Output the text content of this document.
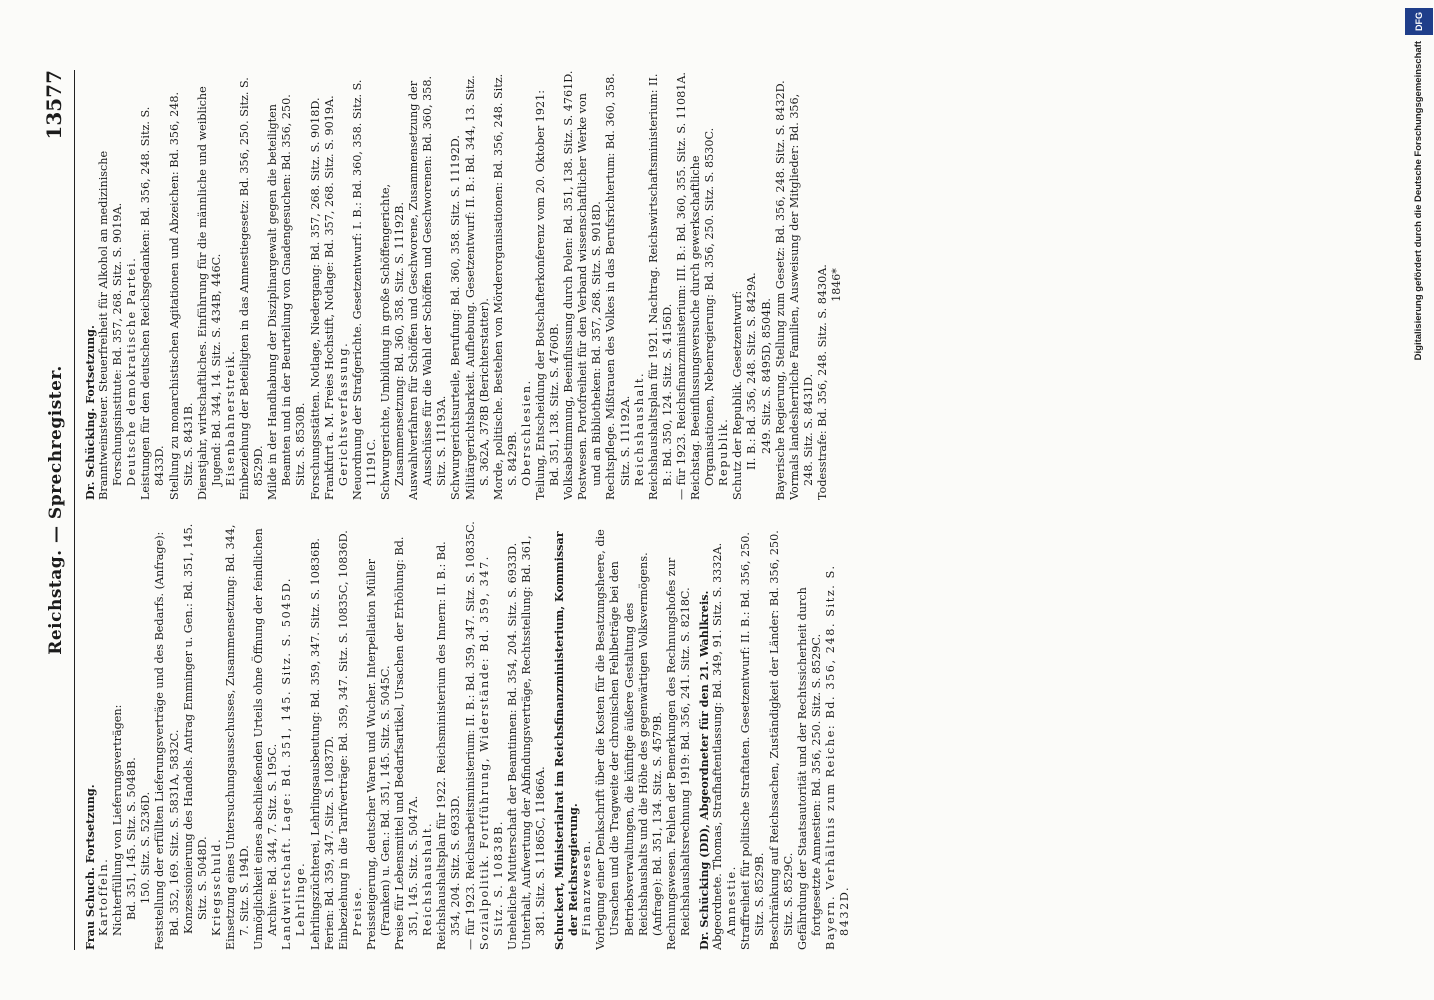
Reichstag. — Sprechregister.
13577

Frau Schuch. Fortsetzung. Kartoffeln. Nichterfüllung von Lieferungsverträgen: Bd. 351, 145. Sitz. S. 5048B. 150. Sitz. S. 5236D. Feststellung der erfüllten Lieferungsverträge und des Bedarfs. (Anfrage): Bd. 352, 169. Sitz. S. 5831A, 5832C. Konzessionierung des Handels. Antrag Emminger u. Gen.: Bd. 351, 145. Sitz. S. 5048D. Kriegsschuld. Einsetzung eines Untersuchungsausschusses, Zusammensetzung: Bd. 344, 7. Sitz. S. 194D. Unmöglichkeit eines abschließenden Urteils ohne Öffnung der feindlichen Archive: Bd. 344, 7. Sitz. S. 195C. Landwirtschaft. Lage: Bd. 351, 145. Sitz. S. 5045D. Lehrlinge. Lehrlingszüchterei, Lehrlingsausbeutung: Bd. 359, 347. Sitz. S. 10836B. Ferien: Bd. 359, 347. Sitz. S. 10837D. Einbeziehung in die Tarifverträge: Bd. 359, 347. Sitz. S. 10835C, 10836D. Preise. Preissteigerung, deutscher Waren und Wucher. Interpellation Müller (Franken) u. Gen.: Bd. 351, 145. Sitz. S. 5045C. Preise für Lebensmittel und Bedarfsartikel, Ursachen der Erhöhung: Bd. 351, 145. Sitz. S. 5047A. Reichshaushalt. Reichshaushaltsplan für 1922. Reichsministerium des Innern: II. B.: Bd. 354, 204. Sitz. S. 6933D. — für 1923. Reichsarbeitsministerium: II. B.: Bd. 359, 347. Sitz. S. 10835C. Sozialpolitik. Fortführung, Widerstände: Bd. 359, 347. Sitz. S. 10838B. Uneheliche Mutterschaft der Beamtinnen: Bd. 354, 204. Sitz. S. 6933D. Unterhalt, Aufwertung der Abfindungsverträge, Rechtsstellung: Bd. 361, 381. Sitz. S. 11865C, 11866A. Schuckert, Ministerialrat im Reichsfinanzministerium, Kommissar der Reichsregierung. Finanzwesen. Vorlegung einer Denkschrift über die Kosten für die Besatzungsheere, die Ursachen und die Tragweite der chronischen Fehlbeträge bei den Betriebsverwaltungen, die künftige äußere Gestaltung des Reichshaushalts und die Höhe des gegenwärtigen Volksvermögens. (Anfrage): Bd. 351, 134. Sitz. S. 4579B. Rechnungswesen. Fehlen der Bemerkungen des Rechnungshofes zur Reichshaushaltsrechnung 1919: Bd. 356, 241. Sitz. S. 8218C. Dr. Schücking (DD), Abgeordneter für den 21. Wahlkreis. Abgeordnete. Thomas, Strafhaftentlassung: Bd. 349, 91. Sitz. S. 3332A. Amnestie. Straffreiheit für politische Straftaten. Gesetzentwurf: II. B.: Bd. 356, 250. Sitz. S. 8529B. Beschränkung auf Reichssachen, Zuständigkeit der Länder: Bd. 356, 250. Sitz. S. 8529C. Gefährdung der Staatsautorität und der Rechtssicherheit durch fortgesetzte Amnestien: Bd. 356, 250. Sitz. S. 8529C. Bayern. Verhältnis zum Reiche: Bd. 356, 248. Sitz. S. 8432D.

Dr. Schücking. Fortsetzung. Branntweinsteuer. Steuerfreiheit für Alkohol an medizinische Forschungsinstitute: Bd. 357, 268. Sitz. S. 9019A. Deutsche demokratische Partei. Leistungen für den deutschen Reichsgedanken: Bd. 356, 248. Sitz. S. 8433D. Stellung zu monarchistischen Agitationen und Abzeichen: Bd. 356, 248. Sitz. S. 8431B. Dienstjahr, wirtschaftliches. Einführung für die männliche und weibliche Jugend: Bd. 344, 14. Sitz. S. 434B, 446C. Eisenbahnerstreik. Einbeziehung der Beteiligten in das Amnestiegesetz: Bd. 356, 250. Sitz. S. 8529D. Milde in der Handhabung der Disziplinargewalt gegen die beteiligten Beamten und in der Beurteilung von Gnadengesuchen: Bd. 356, 250. Sitz. S. 8530B. Forschungsstätten. Notlage, Niedergang: Bd. 357, 268. Sitz. S. 9018D. Frankfurt a. M. Freies Hochstift, Notlage: Bd. 357, 268. Sitz. S. 9019A. Gerichtsverfassung. Neuordnung der Strafgerichte. Gesetzentwurf: I. B.: Bd. 360, 358. Sitz. S. 11191C. Schwurgerichte, Umbildung in große Schöffengerichte, Zusammensetzung: Bd. 360, 358. Sitz. S. 11192B. Auswahlverfahren für Schöffen und Geschworene, Zusammensetzung der Ausschüsse für die Wahl der Schöffen und Geschworenen: Bd. 360, 358. Sitz. S. 11193A. Schwurgerichtsurteile, Berufung: Bd. 360, 358. Sitz. S. 11192D. Militärgerichtsbarkeit. Aufhebung. Gesetzentwurf: II. B.: Bd. 344, 13. Sitz. S. 362A, 378B (Berichterstatter). Morde, politische. Bestehen von Mörderorganisationen: Bd. 356, 248. Sitz. S. 8429B. Oberschlesien. Teilung, Entscheidung der Botschafterkonferenz vom 20. Oktober 1921: Bd. 351, 138. Sitz. S. 4760B. Volksabstimmung, Beeinflussung durch Polen: Bd. 351, 138. Sitz. S. 4761D. Postwesen. Portofreiheit für den Verband wissenschaftlicher Werke von und an Bibliotheken: Bd. 357, 268. Sitz. S. 9018D. Rechtspflege. Mißtrauen des Volkes in das Berufsrichtertum: Bd. 360, 358. Sitz. S. 11192A. Reichshaushalt. Reichshaushaltsplan für 1921. Nachtrag. Reichswirtschaftsministerium: II. B.: Bd. 350, 124. Sitz. S. 4156D. — für 1923. Reichsfinanzministerium: III. B.: Bd. 360, 355. Sitz. S. 11081A. Reichstag. Beeinflussungsversuche durch gewerkschaftliche Organisationen, Nebenregierung: Bd. 356, 250. Sitz. S. 8530C. Republik. Schutz der Republik. Gesetzentwurf: II. B.: Bd. 356, 248. Sitz. S. 8429A. 249. Sitz. S. 8495D, 8504B. Bayerische Regierung, Stellung zum Gesetz: Bd. 356, 248. Sitz. S. 8432D. Vormals landesherrliche Familien, Ausweisung der Mitglieder: Bd. 356, 248. Sitz. S. 8431D. Todesstrafe: Bd. 356, 248. Sitz. S. 8430A. 1846*	Digitalisierung gefördert durch die Deutsche Forschungsgemeinschaft
DFG
